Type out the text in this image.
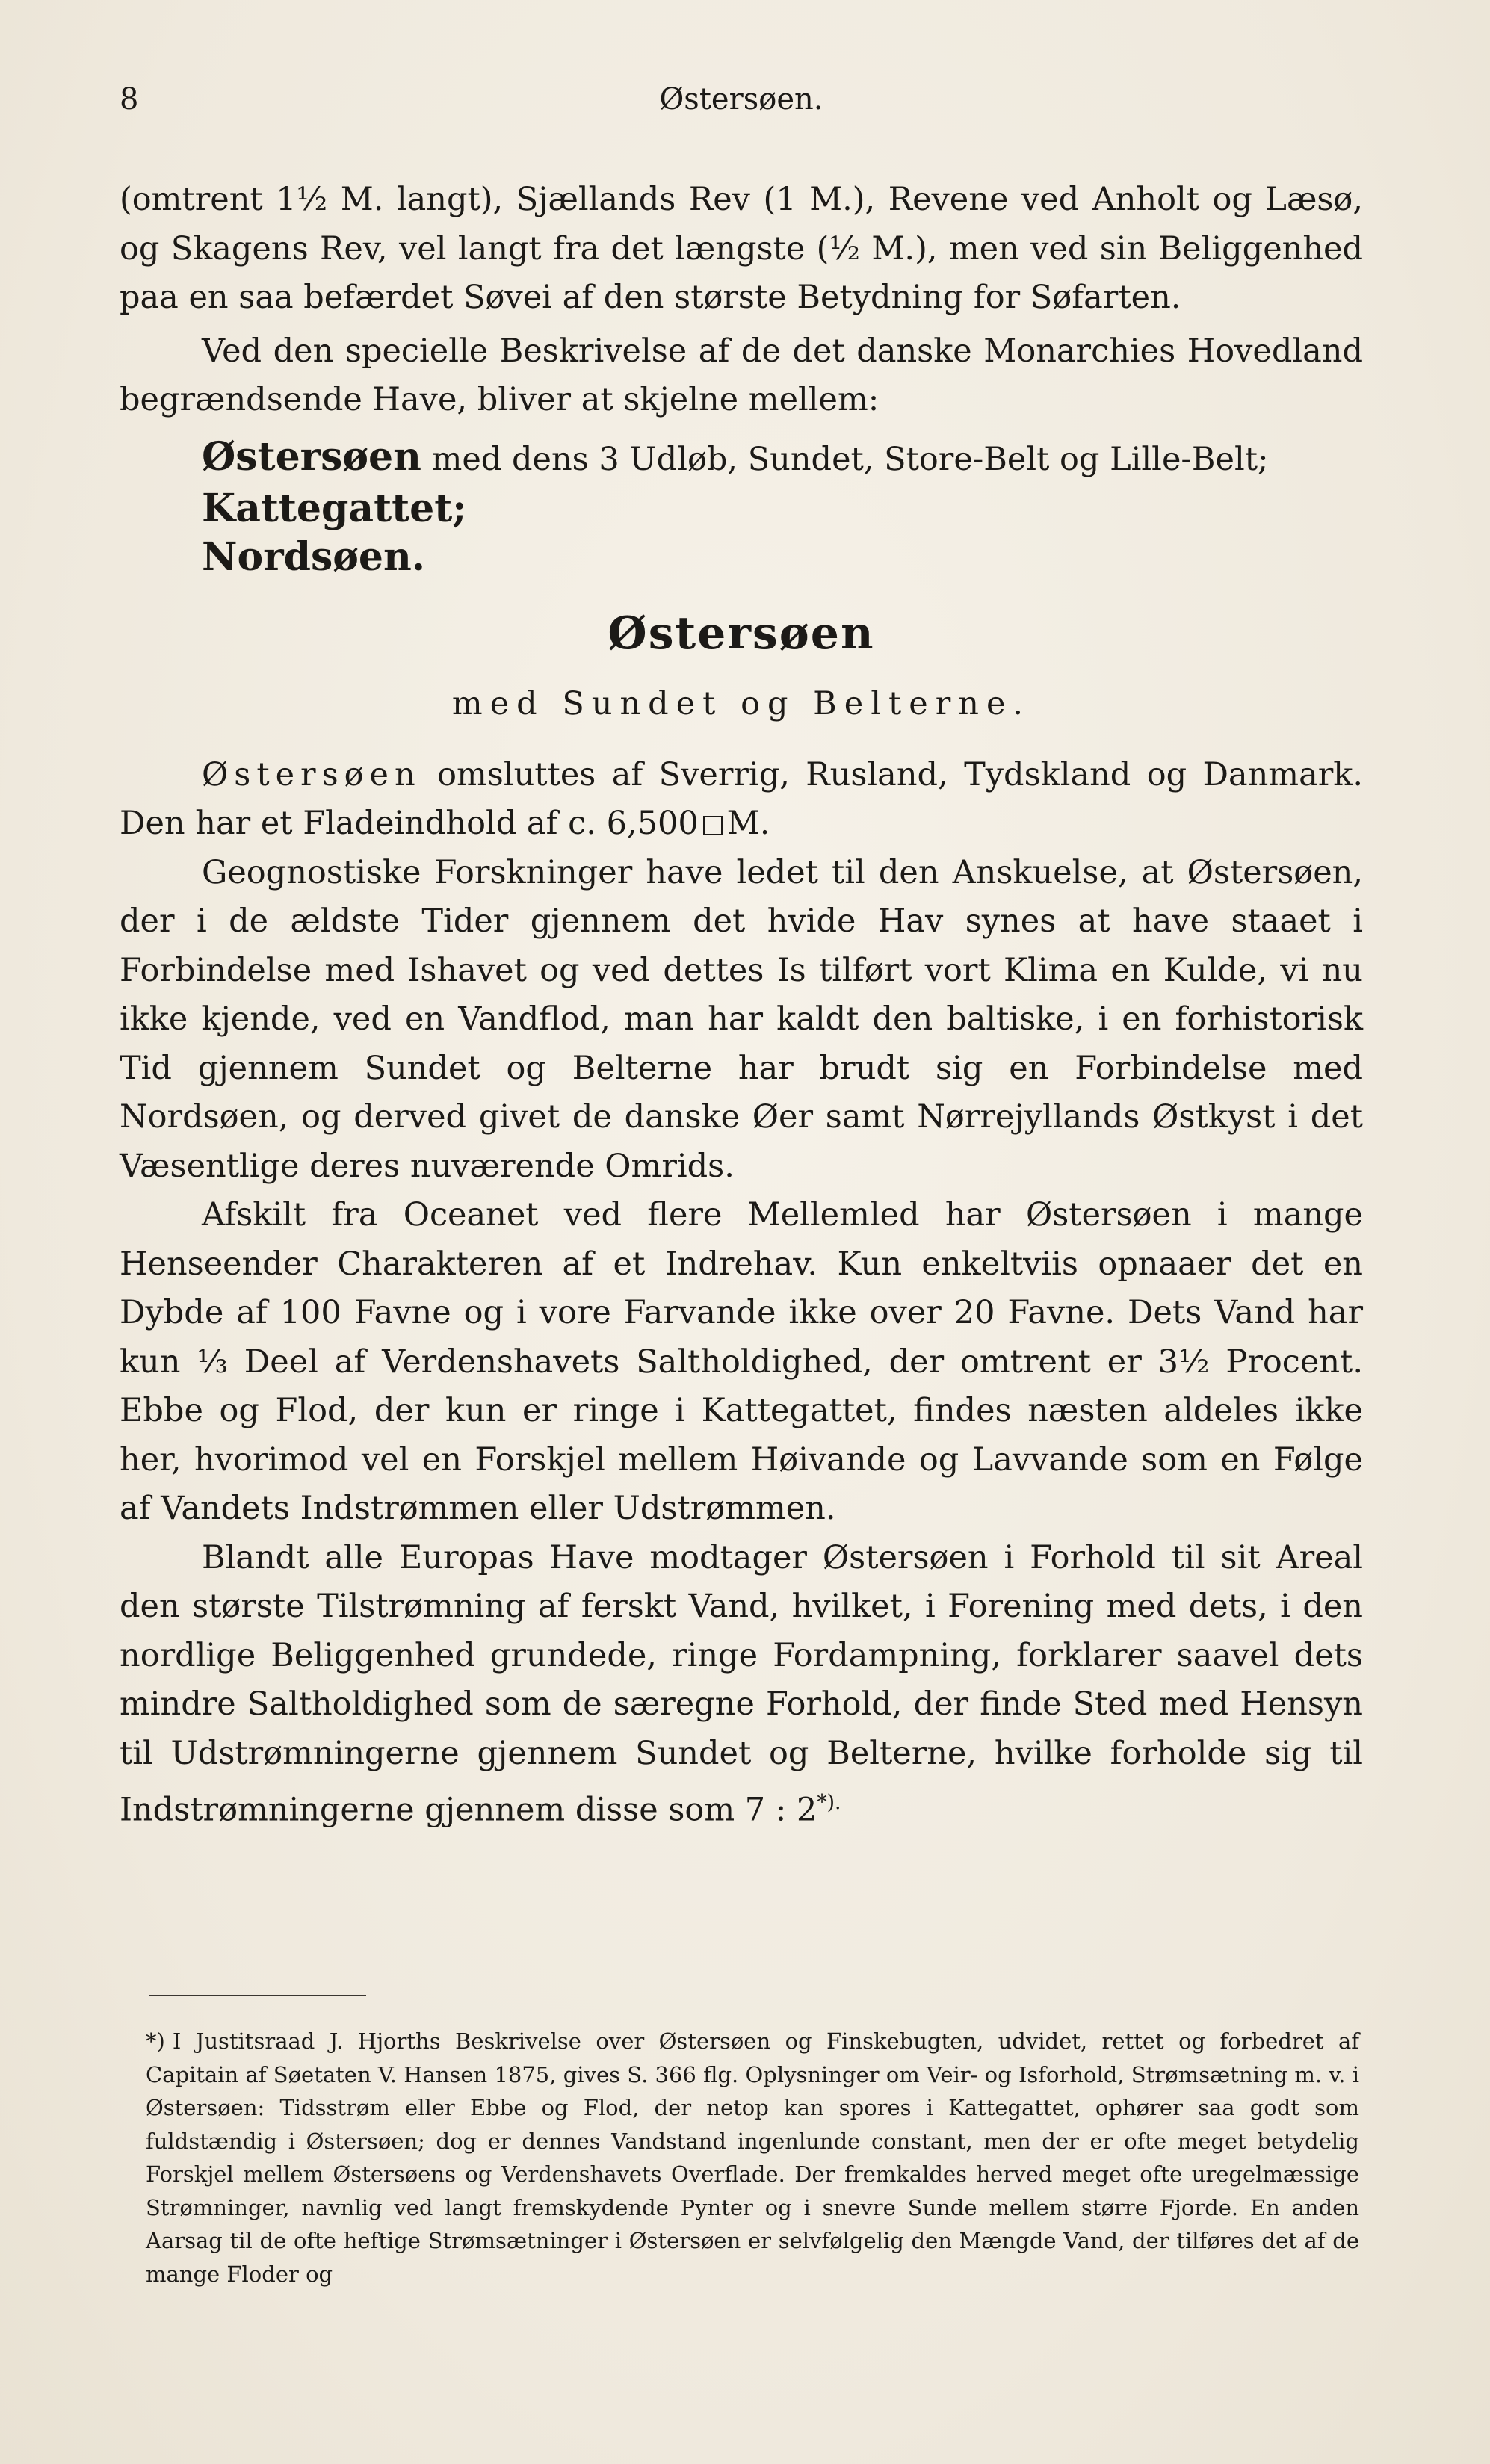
8	Østersøen.

(omtrent 1½ M. langt), Sjællands Rev (1 M.), Revene ved Anholt og Læsø, og Skagens Rev, vel langt fra det længste (½ M.), men ved sin Beliggenhed paa en saa befærdet Søvei af den største Betydning for Søfarten.

Ved den specielle Beskrivelse af de det danske Monarchies Hovedland begrændsende Have, bliver at skjelne mellem:

Østersøen med dens 3 Udløb, Sundet, Store-Belt og Lille-Belt;
Kattegattet;
Nordsøen.
Østersøen
med Sundet og Belterne.

Østersøen omsluttes af Sverrig, Rusland, Tydskland og Danmark. Den har et Fladeindhold af c. 6,500 M.

Geognostiske Forskninger have ledet til den Anskuelse, at Østersøen, der i de ældste Tider gjennem det hvide Hav synes at have staaet i Forbindelse med Ishavet og ved dettes Is tilført vort Klima en Kulde, vi nu ikke kjende, ved en Vandflod, man har kaldt den baltiske, i en forhistorisk Tid gjennem Sundet og Belterne har brudt sig en Forbindelse med Nordsøen, og derved givet de danske Øer samt Nørrejyllands Østkyst i det Væsentlige deres nuværende Omrids.

Afskilt fra Oceanet ved flere Mellemled har Østersøen i mange Henseender Charakteren af et Indrehav. Kun enkeltviis opnaaer det en Dybde af 100 Favne og i vore Farvande ikke over 20 Favne. Dets Vand har kun ⅓ Deel af Verdenshavets Saltholdighed, der omtrent er 3½ Procent. Ebbe og Flod, der kun er ringe i Kattegattet, findes næsten aldeles ikke her, hvorimod vel en Forskjel mellem Høivande og Lavvande som en Følge af Vandets Indstrømmen eller Udstrømmen.

Blandt alle Europas Have modtager Østersøen i Forhold til sit Areal den største Tilstrømning af ferskt Vand, hvilket, i Forening med dets, i den nordlige Beliggenhed grundede, ringe Fordampning, forklarer saavel dets mindre Saltholdighed som de særegne Forhold, der finde Sted med Hensyn til Udstrømningerne gjennem Sundet og Belterne, hvilke forholde sig til Indstrømningerne gjennem disse som 7 : 2*).

*) I Justitsraad J. Hjorths Beskrivelse over Østersøen og Finskebugten, udvidet, rettet og forbedret af Capitain af Søetaten V. Hansen 1875, gives S. 366 flg. Oplysninger om Veir- og Isforhold, Strømsætning m. v. i Østersøen: Tidsstrøm eller Ebbe og Flod, der netop kan spores i Kattegattet, ophører saa godt som fuldstændig i Østersøen; dog er dennes Vandstand ingenlunde constant, men der er ofte meget betydelig Forskjel mellem Østersøens og Verdenshavets Overflade. Der fremkaldes herved meget ofte uregelmæssige Strømninger, navnlig ved langt fremskydende Pynter og i snevre Sunde mellem større Fjorde. En anden Aarsag til de ofte heftige Strømsætninger i Østersøen er selvfølgelig den Mængde Vand, der tilføres det af de mange Floder og
